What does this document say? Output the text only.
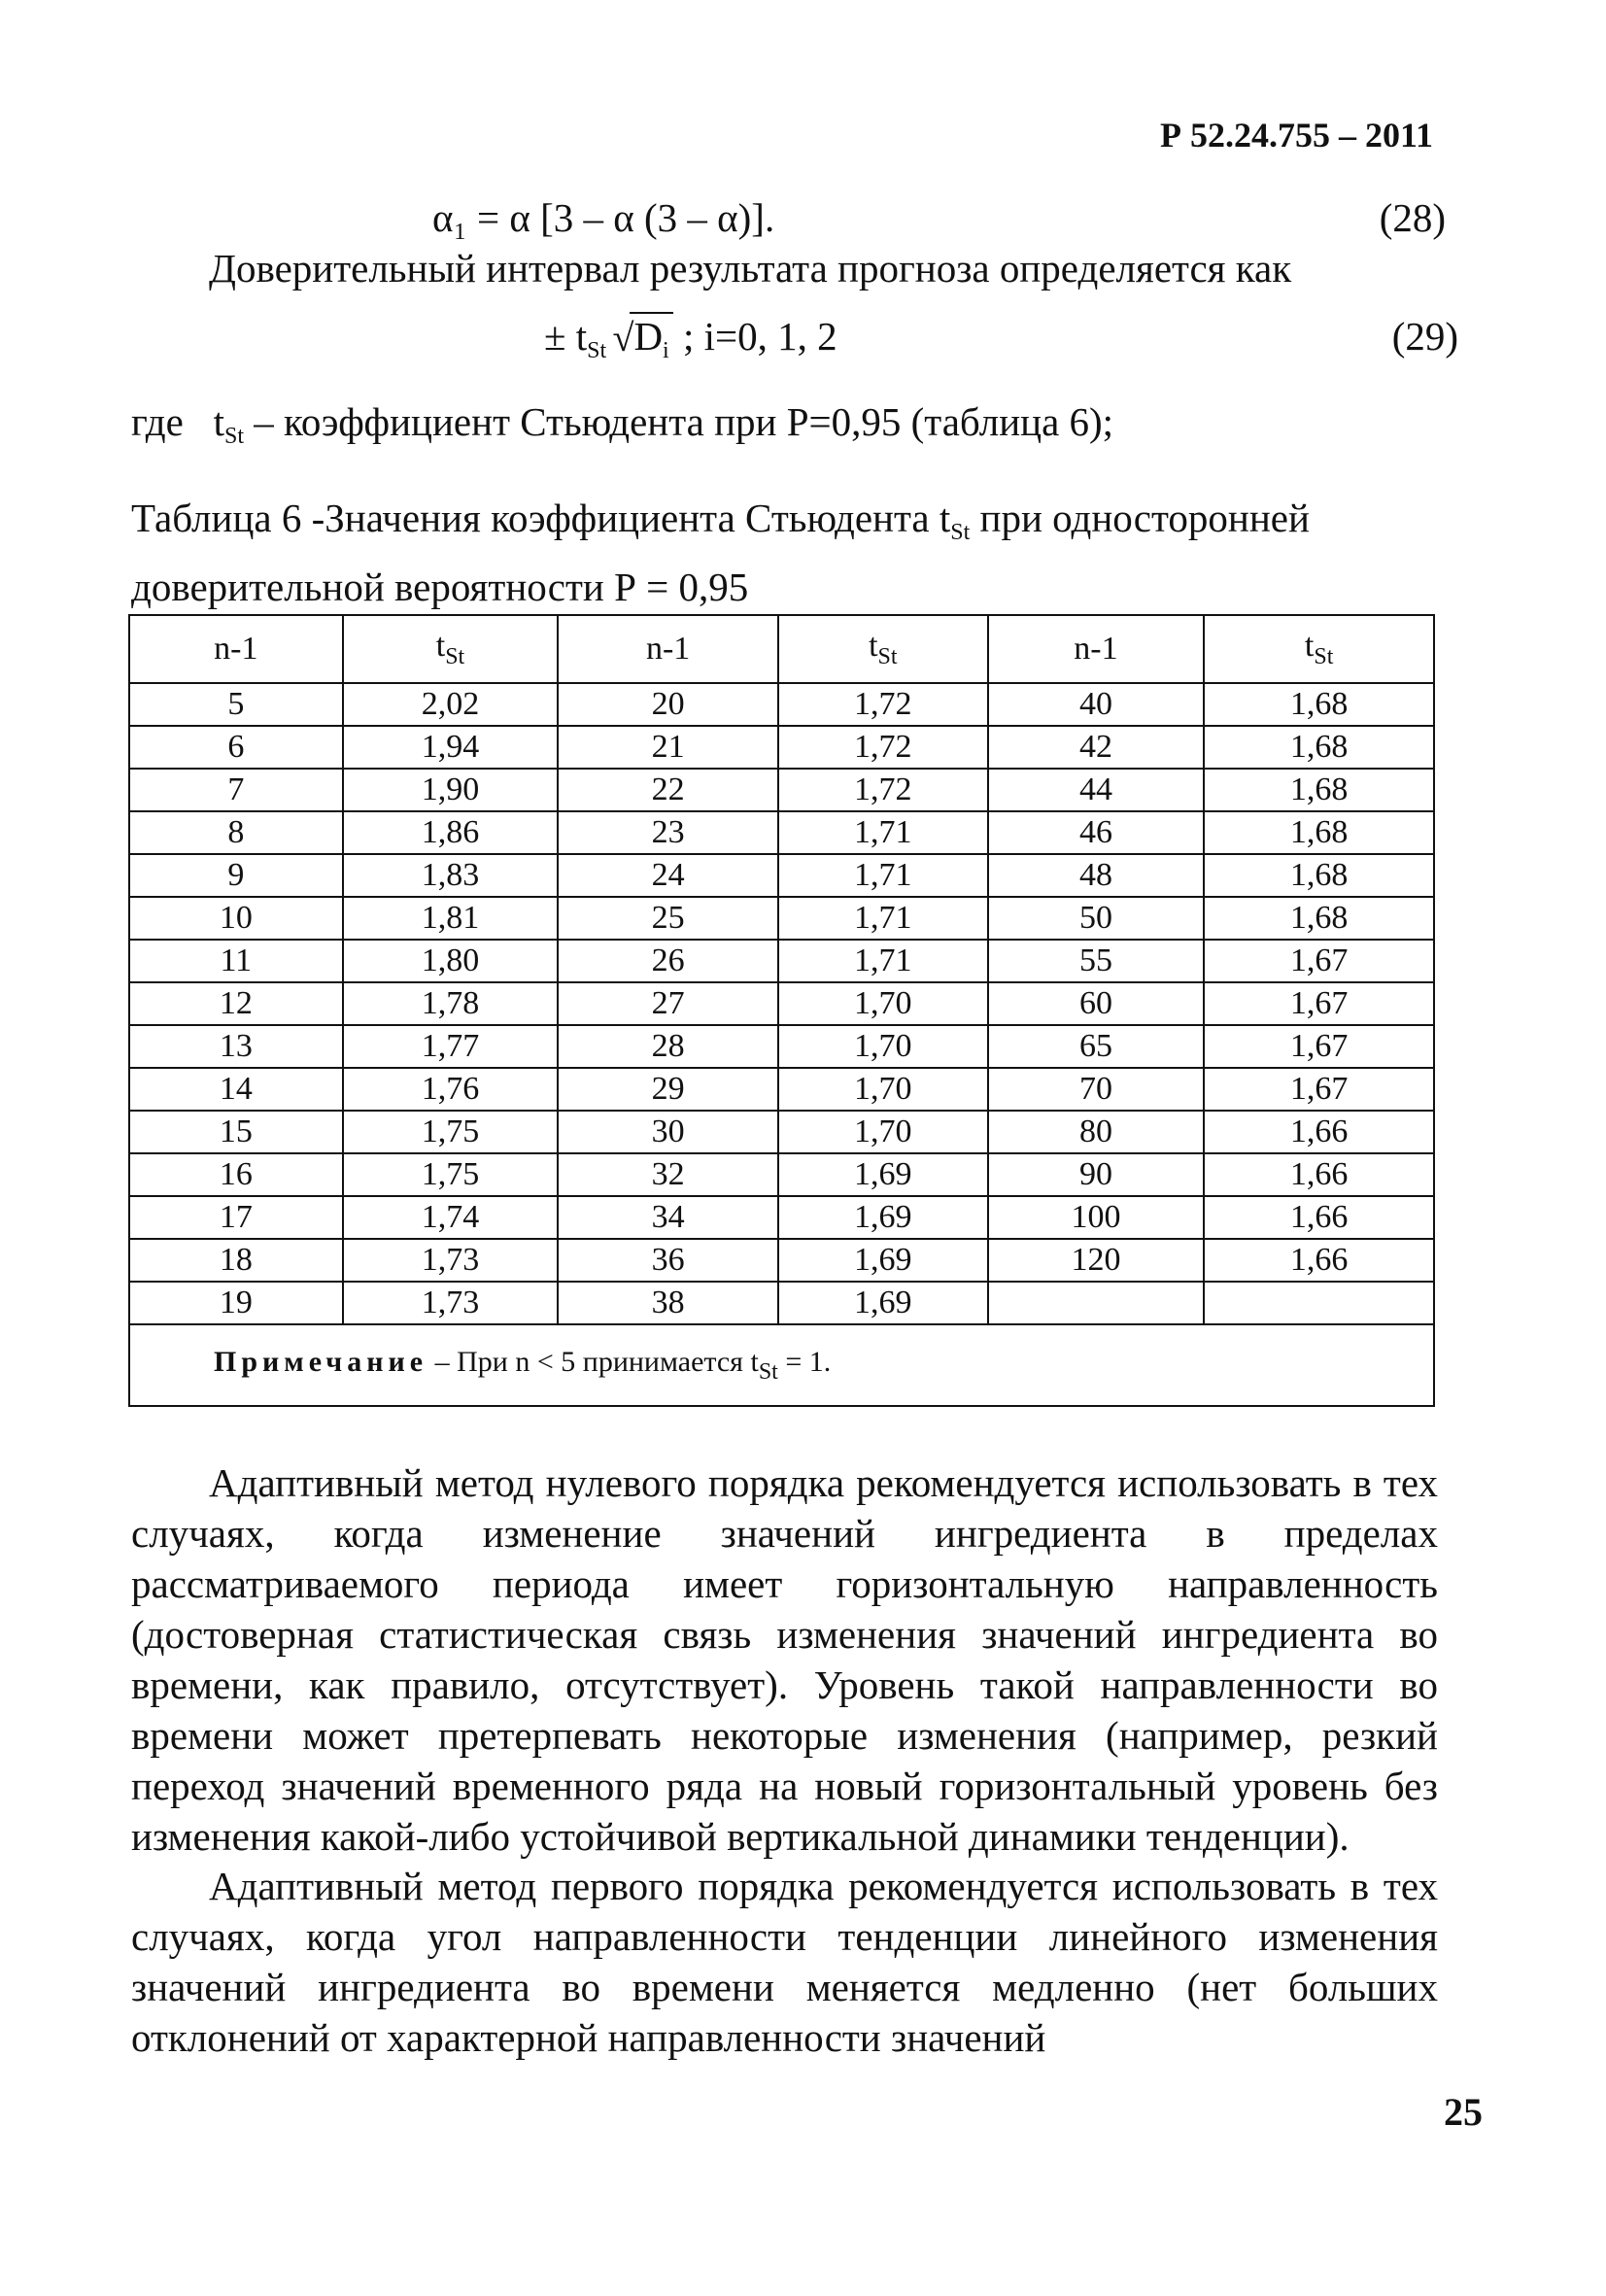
Р 52.24.755 – 2011
α₁ = α [3 – α (3 – α)].	(28)
Доверительный интервал результата прогноза определяется как
± $t_{St}$ √ $D_i$ ; i=0, 1, 2	(29)
где $t_{St}$ – коэффициент Стьюдента при Р=0,95 (таблица 6);
Таблица 6 -Значения коэффициента Стьюдента $t_{St}$ при односторонней доверительной вероятности Р = 0,95
n-1	$t_{St}$	n-1	$t_{St}$	n-1	$t_{St}$
5	2,02	20	1,72	40	1,68
6	1,94	21	1,72	42	1,68
7	1,90	22	1,72	44	1,68
8	1,86	23	1,71	46	1,68
9	1,83	24	1,71	48	1,68
10	1,81	25	1,71	50	1,68
11	1,80	26	1,71	55	1,67
12	1,78	27	1,70	60	1,67
13	1,77	28	1,70	65	1,67
14	1,76	29	1,70	70	1,67
15	1,75	30	1,70	80	1,66
16	1,75	32	1,69	90	1,66
17	1,74	34	1,69	100	1,66
18	1,73	36	1,69	120	1,66
19	1,73	38	1,69		
Примечание – При n < 5 принимается $t_{St} = 1$.					
Адаптивный метод нулевого порядка рекомендуется использовать в тех случаях, когда изменение значений ингредиента в пределах рассматриваемого периода имеет горизонтальную направленность (достоверная статистическая связь изменения значений ингредиента во времени, как правило, отсутствует). Уровень такой направленности во времени может претерпевать некоторые изменения (например, резкий переход значений временного ряда на новый горизонтальный уровень без изменения какой-либо устойчивой вертикальной динамики тенденции).
Адаптивный метод первого порядка рекомендуется использовать в тех случаях, когда угол направленности тенденции линейного изменения значений ингредиента во времени меняется медленно (нет больших отклонений от характерной направленности значений
25
